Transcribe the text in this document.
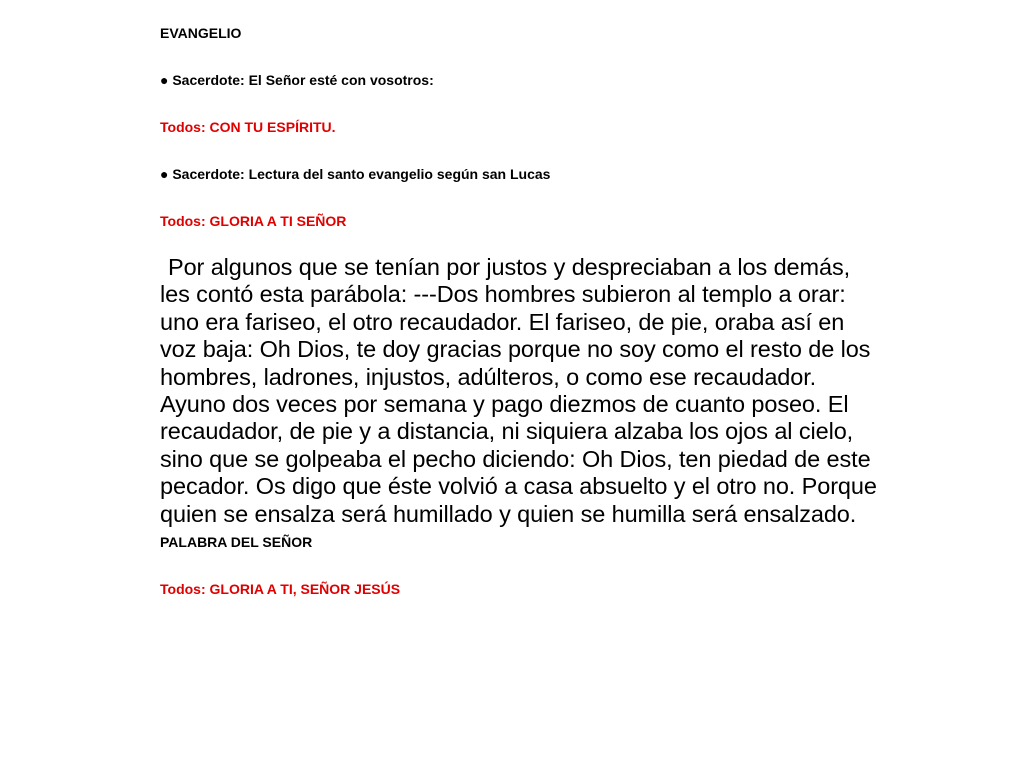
EVANGELIO

● Sacerdote: El Señor esté con vosotros:

Todos: CON TU ESPÍRITU.

● Sacerdote: Lectura del santo evangelio según san Lucas

Todos: GLORIA A TI SEÑOR

Por algunos que se tenían por justos y despreciaban a los demás, les contó esta parábola: ---Dos hombres subieron al templo a orar: uno era fariseo, el otro recaudador. El fariseo, de pie, oraba así en voz baja: Oh Dios, te doy gracias porque no soy como el resto de los hombres, ladrones, injustos, adúlteros, o como ese recaudador. Ayuno dos veces por semana y pago diezmos de cuanto poseo. El recaudador, de pie y a distancia, ni siquiera alzaba los ojos al cielo, sino que se golpeaba el pecho diciendo: Oh Dios, ten piedad de este pecador. Os digo que éste volvió a casa absuelto y el otro no. Porque quien se ensalza será humillado y quien se humilla será ensalzado.

PALABRA DEL SEÑOR

Todos: GLORIA A TI, SEÑOR JESÚS
